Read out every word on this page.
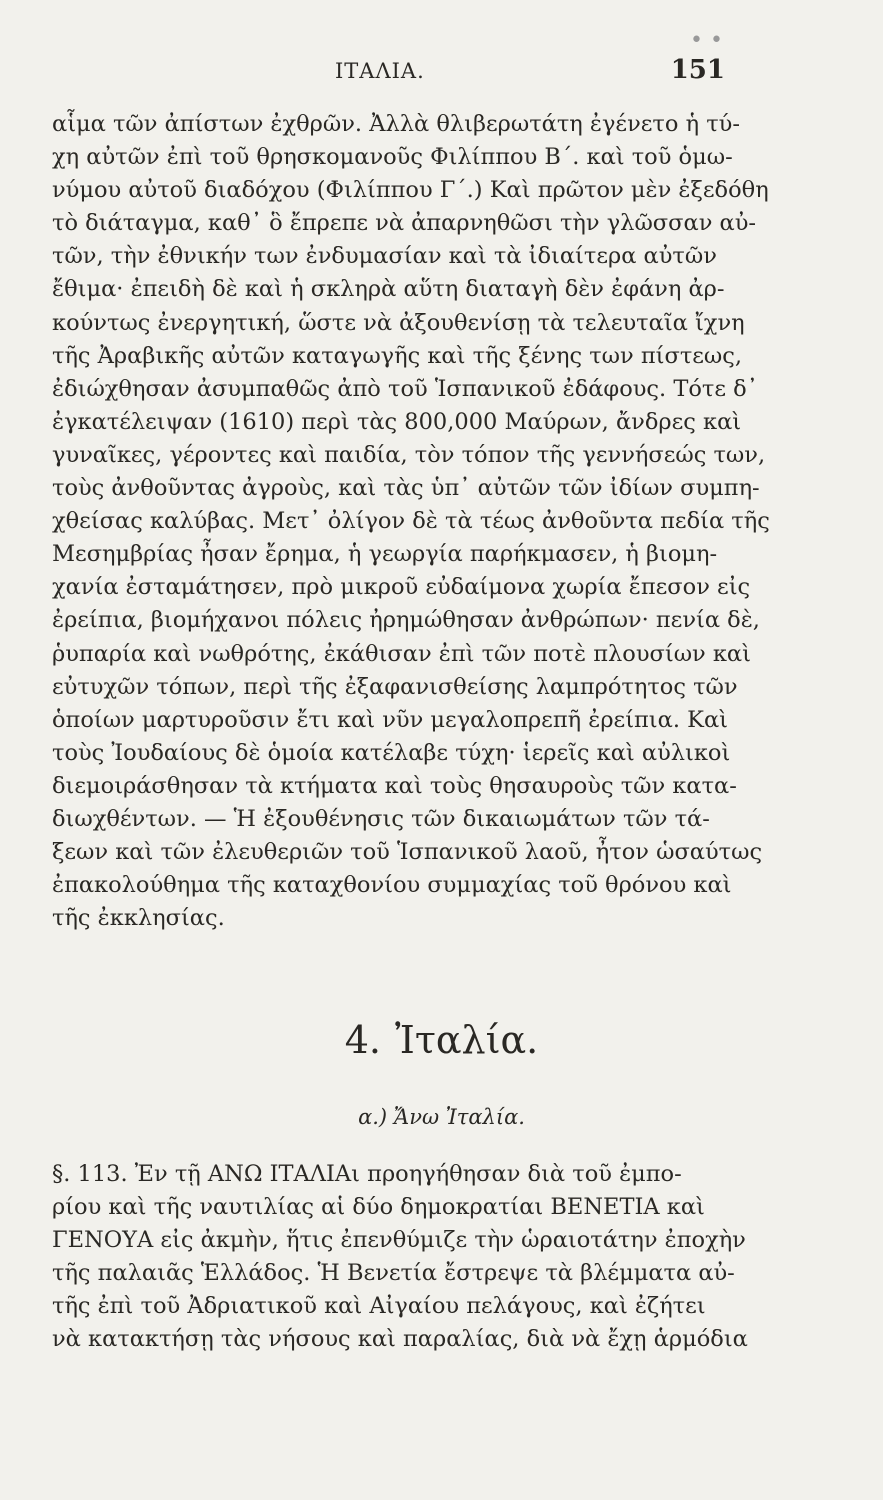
• •
ΙΤΑΛΙΑ.	151
αἷμα τῶν ἀπίστων ἐχθρῶν. Ἀλλὰ θλιβερωτάτη ἐγένετο ἡ τύ-
χη αὐτῶν ἐπὶ τοῦ θρησκομανοῦς Φιλίππου Β΄. καὶ τοῦ ὁμω-
νύμου αὐτοῦ διαδόχου (Φιλίππου Γ΄.) Καὶ πρῶτον μὲν ἐξεδόθη
τὸ διάταγμα, καθ᾽ ὃ ἔπρεπε νὰ ἀπαρνηθῶσι τὴν γλῶσσαν αὐ-
τῶν, τὴν ἐθνικήν των ἐνδυμασίαν καὶ τὰ ἰδιαίτερα αὐτῶν
ἔθιμα· ἐπειδὴ δὲ καὶ ἡ σκληρὰ αὕτη διαταγὴ δὲν ἐφάνη ἀρ-
κούντως ἐνεργητική, ὥστε νὰ ἀξουθενίσῃ τὰ τελευταῖα ἴχνη
τῆς Ἀραβικῆς αὐτῶν καταγωγῆς καὶ τῆς ξένης των πίστεως,
ἐδιώχθησαν ἀσυμπαθῶς ἀπὸ τοῦ Ἱσπανικοῦ ἐδάφους. Τότε δ᾽
ἐγκατέλειψαν (1610) περὶ τὰς 800,000 Μαύρων, ἄνδρες καὶ
γυναῖκες, γέροντες καὶ παιδία, τὸν τόπον τῆς γεννήσεώς των,
τοὺς ἀνθοῦντας ἀγροὺς, καὶ τὰς ὑπ᾽ αὐτῶν τῶν ἰδίων συμπη-
χθείσας καλύβας. Μετ᾽ ὀλίγον δὲ τὰ τέως ἀνθοῦντα πεδία τῆς
Μεσημβρίας ἦσαν ἔρημα, ἡ γεωργία παρήκμασεν, ἡ βιομη-
χανία ἐσταμάτησεν, πρὸ μικροῦ εὐδαίμονα χωρία ἔπεσον εἰς
ἐρείπια, βιομήχανοι πόλεις ἠρημώθησαν ἀνθρώπων· πενία δὲ,
ῥυπαρία καὶ νωθρότης, ἐκάθισαν ἐπὶ τῶν ποτὲ πλουσίων καὶ
εὐτυχῶν τόπων, περὶ τῆς ἐξαφανισθείσης λαμπρότητος τῶν
ὁποίων μαρτυροῦσιν ἔτι καὶ νῦν μεγαλοπρεπῆ ἐρείπια. Καὶ
τοὺς Ἰουδαίους δὲ ὁμοία κατέλαβε τύχη· ἱερεῖς καὶ αὐλικοὶ
διεμοιράσθησαν τὰ κτήματα καὶ τοὺς θησαυροὺς τῶν κατα-
διωχθέντων. — Ἡ ἐξουθένησις τῶν δικαιωμάτων τῶν τά-
ξεων καὶ τῶν ἐλευθεριῶν τοῦ Ἱσπανικοῦ λαοῦ, ἦτον ὡσαύτως
ἐπακολούθημα τῆς καταχθονίου συμμαχίας τοῦ θρόνου καὶ
τῆς ἐκκλησίας.
4. Ἰταλία.
α.) Ἄνω Ἰταλία.
§. 113. Ἐν τῇ ΑΝΩ ΙΤΑΛΙΑι προηγήθησαν διὰ τοῦ ἐμπο-
ρίου καὶ τῆς ναυτιλίας αἱ δύο δημοκρατίαι ΒΕΝΕΤΙΑ καὶ
ΓΕΝΟΥΑ εἰς ἀκμὴν, ἥτις ἐπενθύμιζε τὴν ὡραιοτάτην ἐποχὴν
τῆς παλαιᾶς Ἑλλάδος. Ἡ Βενετία ἔστρεψε τὰ βλέμματα αὐ-
τῆς ἐπὶ τοῦ Ἀδριατικοῦ καὶ Αἰγαίου πελάγους, καὶ ἐζήτει
νὰ κατακτήσῃ τὰς νήσους καὶ παραλίας, διὰ νὰ ἔχῃ ἁρμόδια
